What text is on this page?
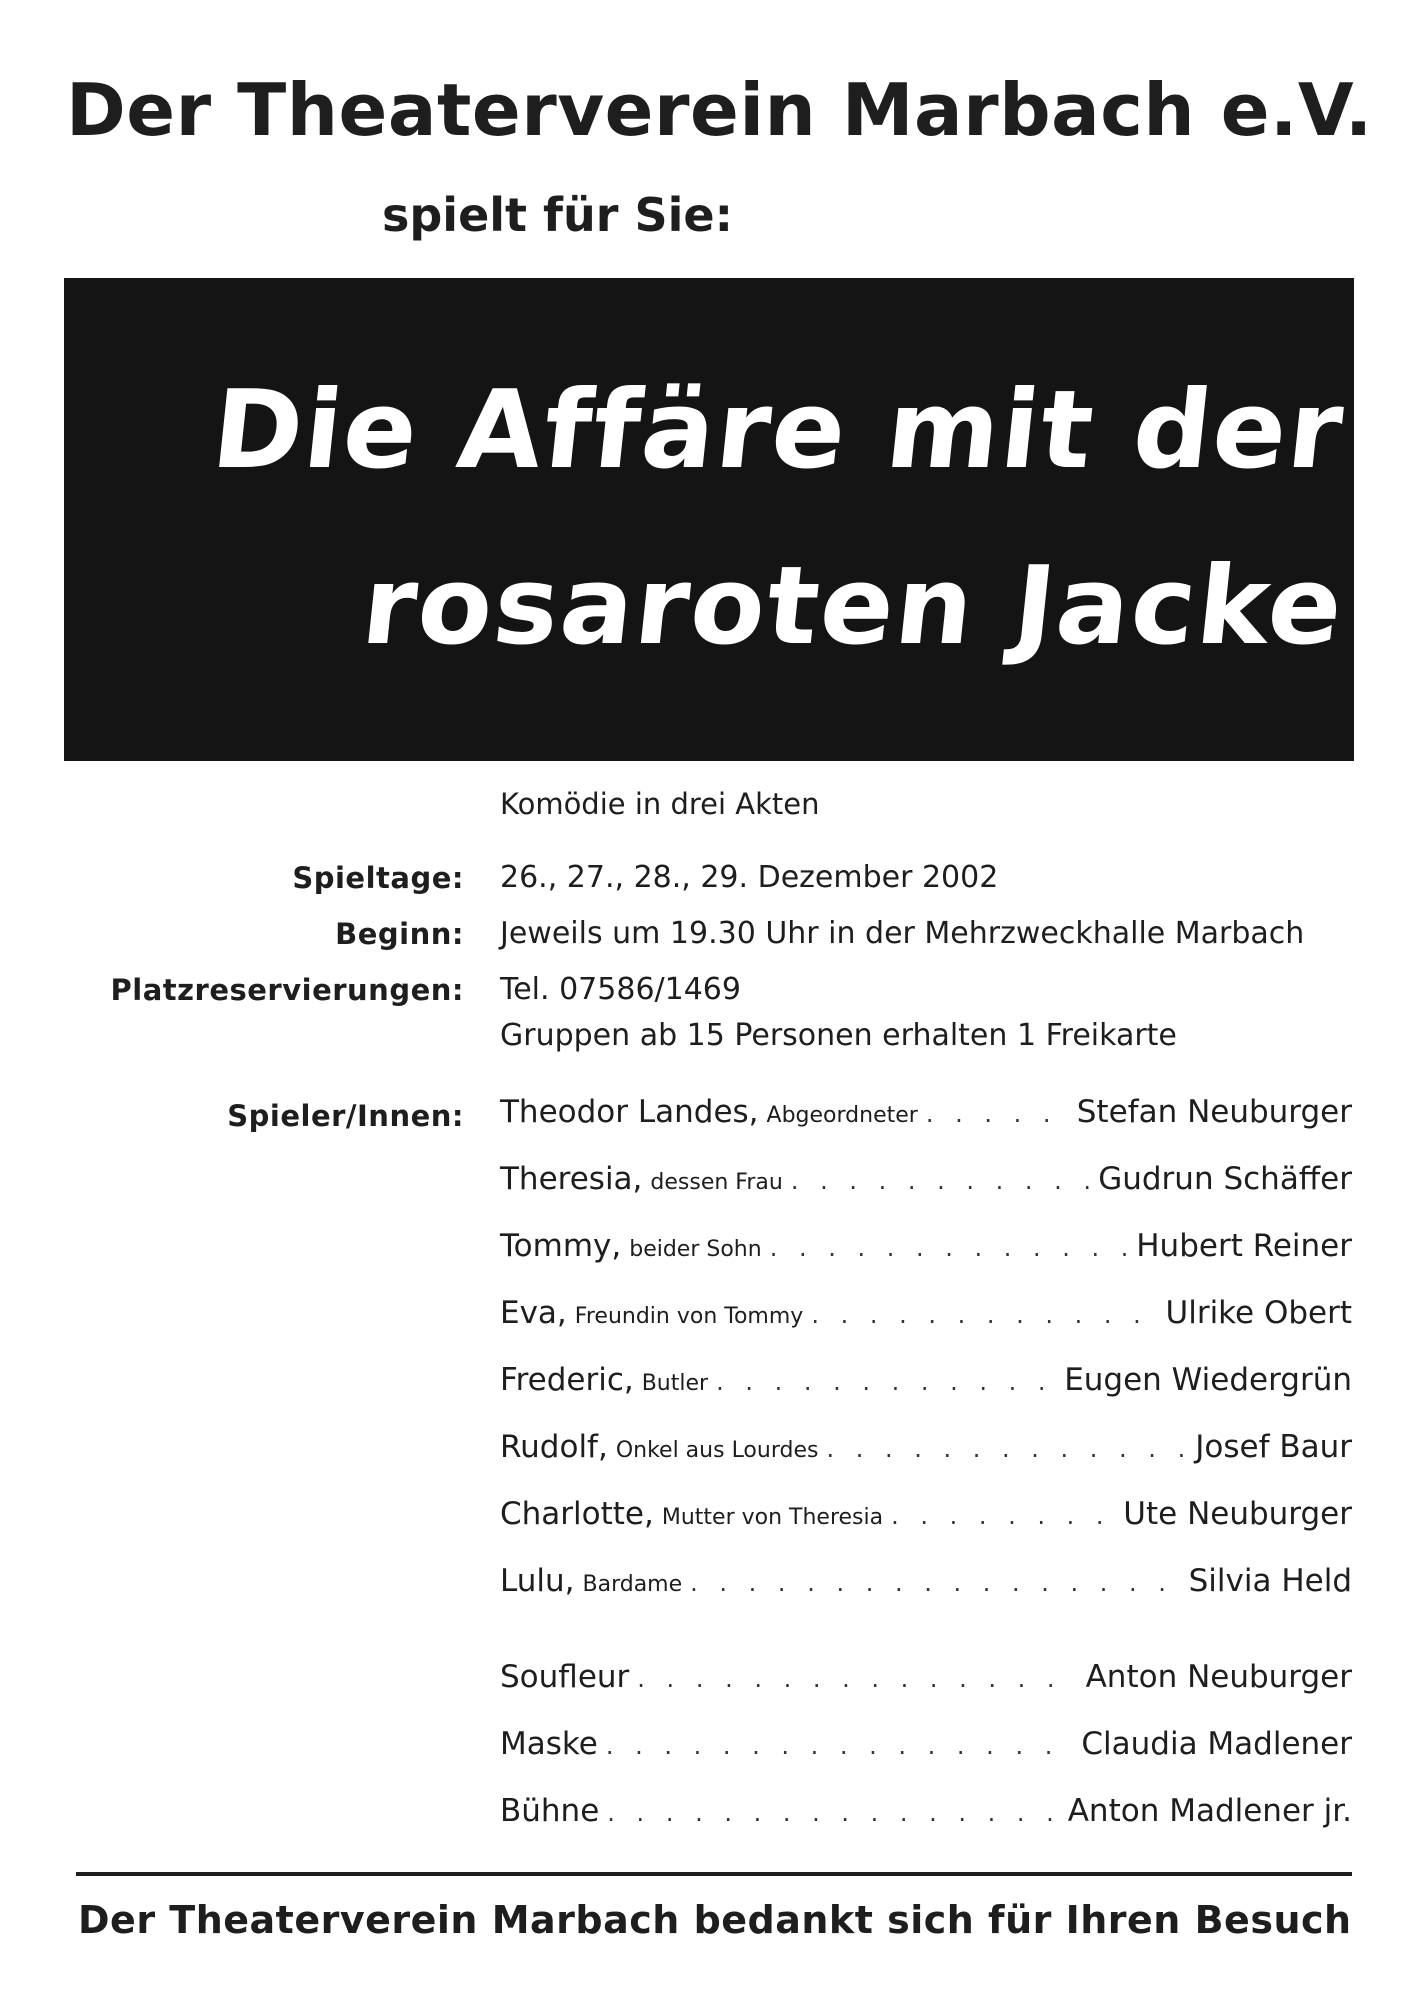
Der Theaterverein Marbach e.V.
spielt für Sie:
Die Affäre mit der
rosaroten Jacke
Komödie in drei Akten
Spieltage: 26., 27., 28., 29. Dezember 2002
Beginn: Jeweils um 19.30 Uhr in der Mehrzweckhalle Marbach
Platzreservierungen: Tel. 07586/1469
Gruppen ab 15 Personen erhalten 1 Freikarte
Spieler/Innen: Theodor Landes, Abgeordneter . . .	Stefan Neuburger
Theresia, dessen Frau . . .	Gudrun Schäffer
Tommy, beider Sohn . . .	Hubert Reiner
Eva, Freundin von Tommy . . .	Ulrike Obert
Frederic, Butler . . .	Eugen Wiedergrün
Rudolf, Onkel aus Lourdes . . .	Josef Baur
Charlotte, Mutter von Theresia . . .	Ute Neuburger
Lulu, Bardame . . .	Silvia Held
Soufleur . . .	Anton Neuburger
Maske . . .	Claudia Madlener
Bühne . . .	Anton Madlener jr.
Der Theaterverein Marbach bedankt sich für Ihren Besuch
